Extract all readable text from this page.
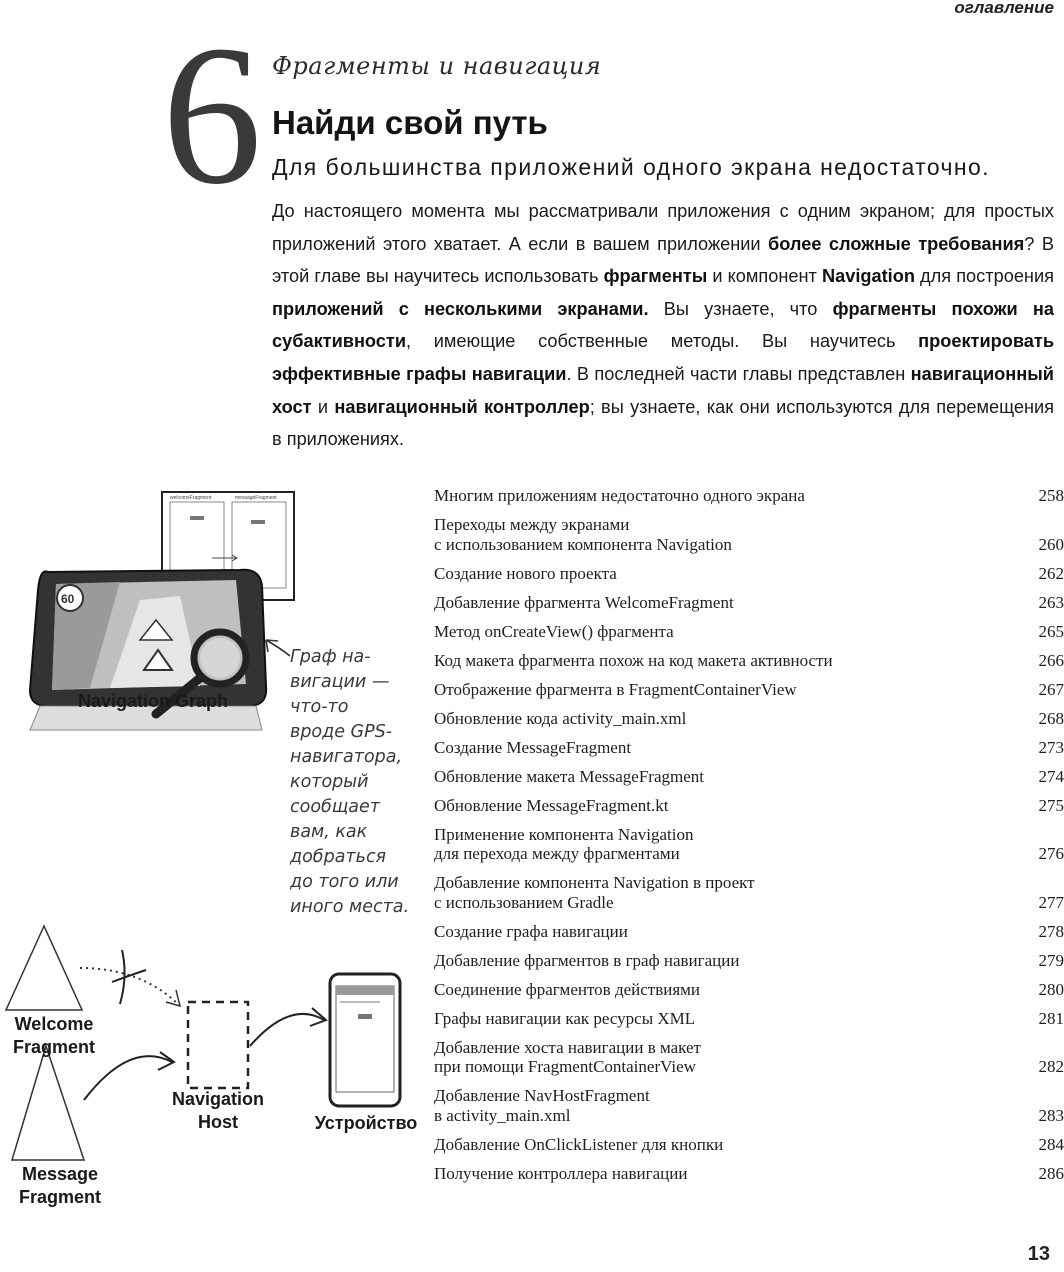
оглавление
6 Фрагменты и навигация
Найди свой путь
Для большинства приложений одного экрана недостаточно.

До настоящего момента мы рассматривали приложения с одним экраном; для простых приложений этого хватает. А если в вашем приложении более сложные требования? В этой главе вы научитесь использовать фрагменты и компонент Navigation для построения приложений с несколькими экранами. Вы узнаете, что фрагменты похожи на субактивности, имеющие собственные методы. Вы научитесь проектировать эффективные графы навигации. В последней части главы представлен навигационный хост и навигационный контроллер; вы узнаете, как они используются для перемещения в приложениях.

welcomeFragment	messageFragment
60
Navigation Graph
Граф на-
вигации —
что-то
вроде GPS-
навигатора,
который
сообщает
вам, как
добраться
до того или
иного места.
Welcome
Fragment
Message
Fragment
Navigation
Host	Устройство
Многим приложениям недостаточно одного экрана	258
Переходы между экранами
с использованием компонента Navigation	260
Создание нового проекта	262
Добавление фрагмента WelcomeFragment	263
Метод onCreateView() фрагмента	265
Код макета фрагмента похож на код макета активности	266
Отображение фрагмента в FragmentContainerView	267
Обновление кода activity_main.xml	268
Создание MessageFragment	273
Обновление макета MessageFragment	274
Обновление MessageFragment.kt	275
Применение компонента Navigation
для перехода между фрагментами	276
Добавление компонента Navigation в проект
с использованием Gradle	277
Создание графа навигации	278
Добавление фрагментов в граф навигации	279
Соединение фрагментов действиями	280
Графы навигации как ресурсы XML	281
Добавление хоста навигации в макет
при помощи FragmentContainerView	282
Добавление NavHostFragment
в activity_main.xml	283
Добавление OnClickListener для кнопки	284
Получение контроллера навигации	286
13
